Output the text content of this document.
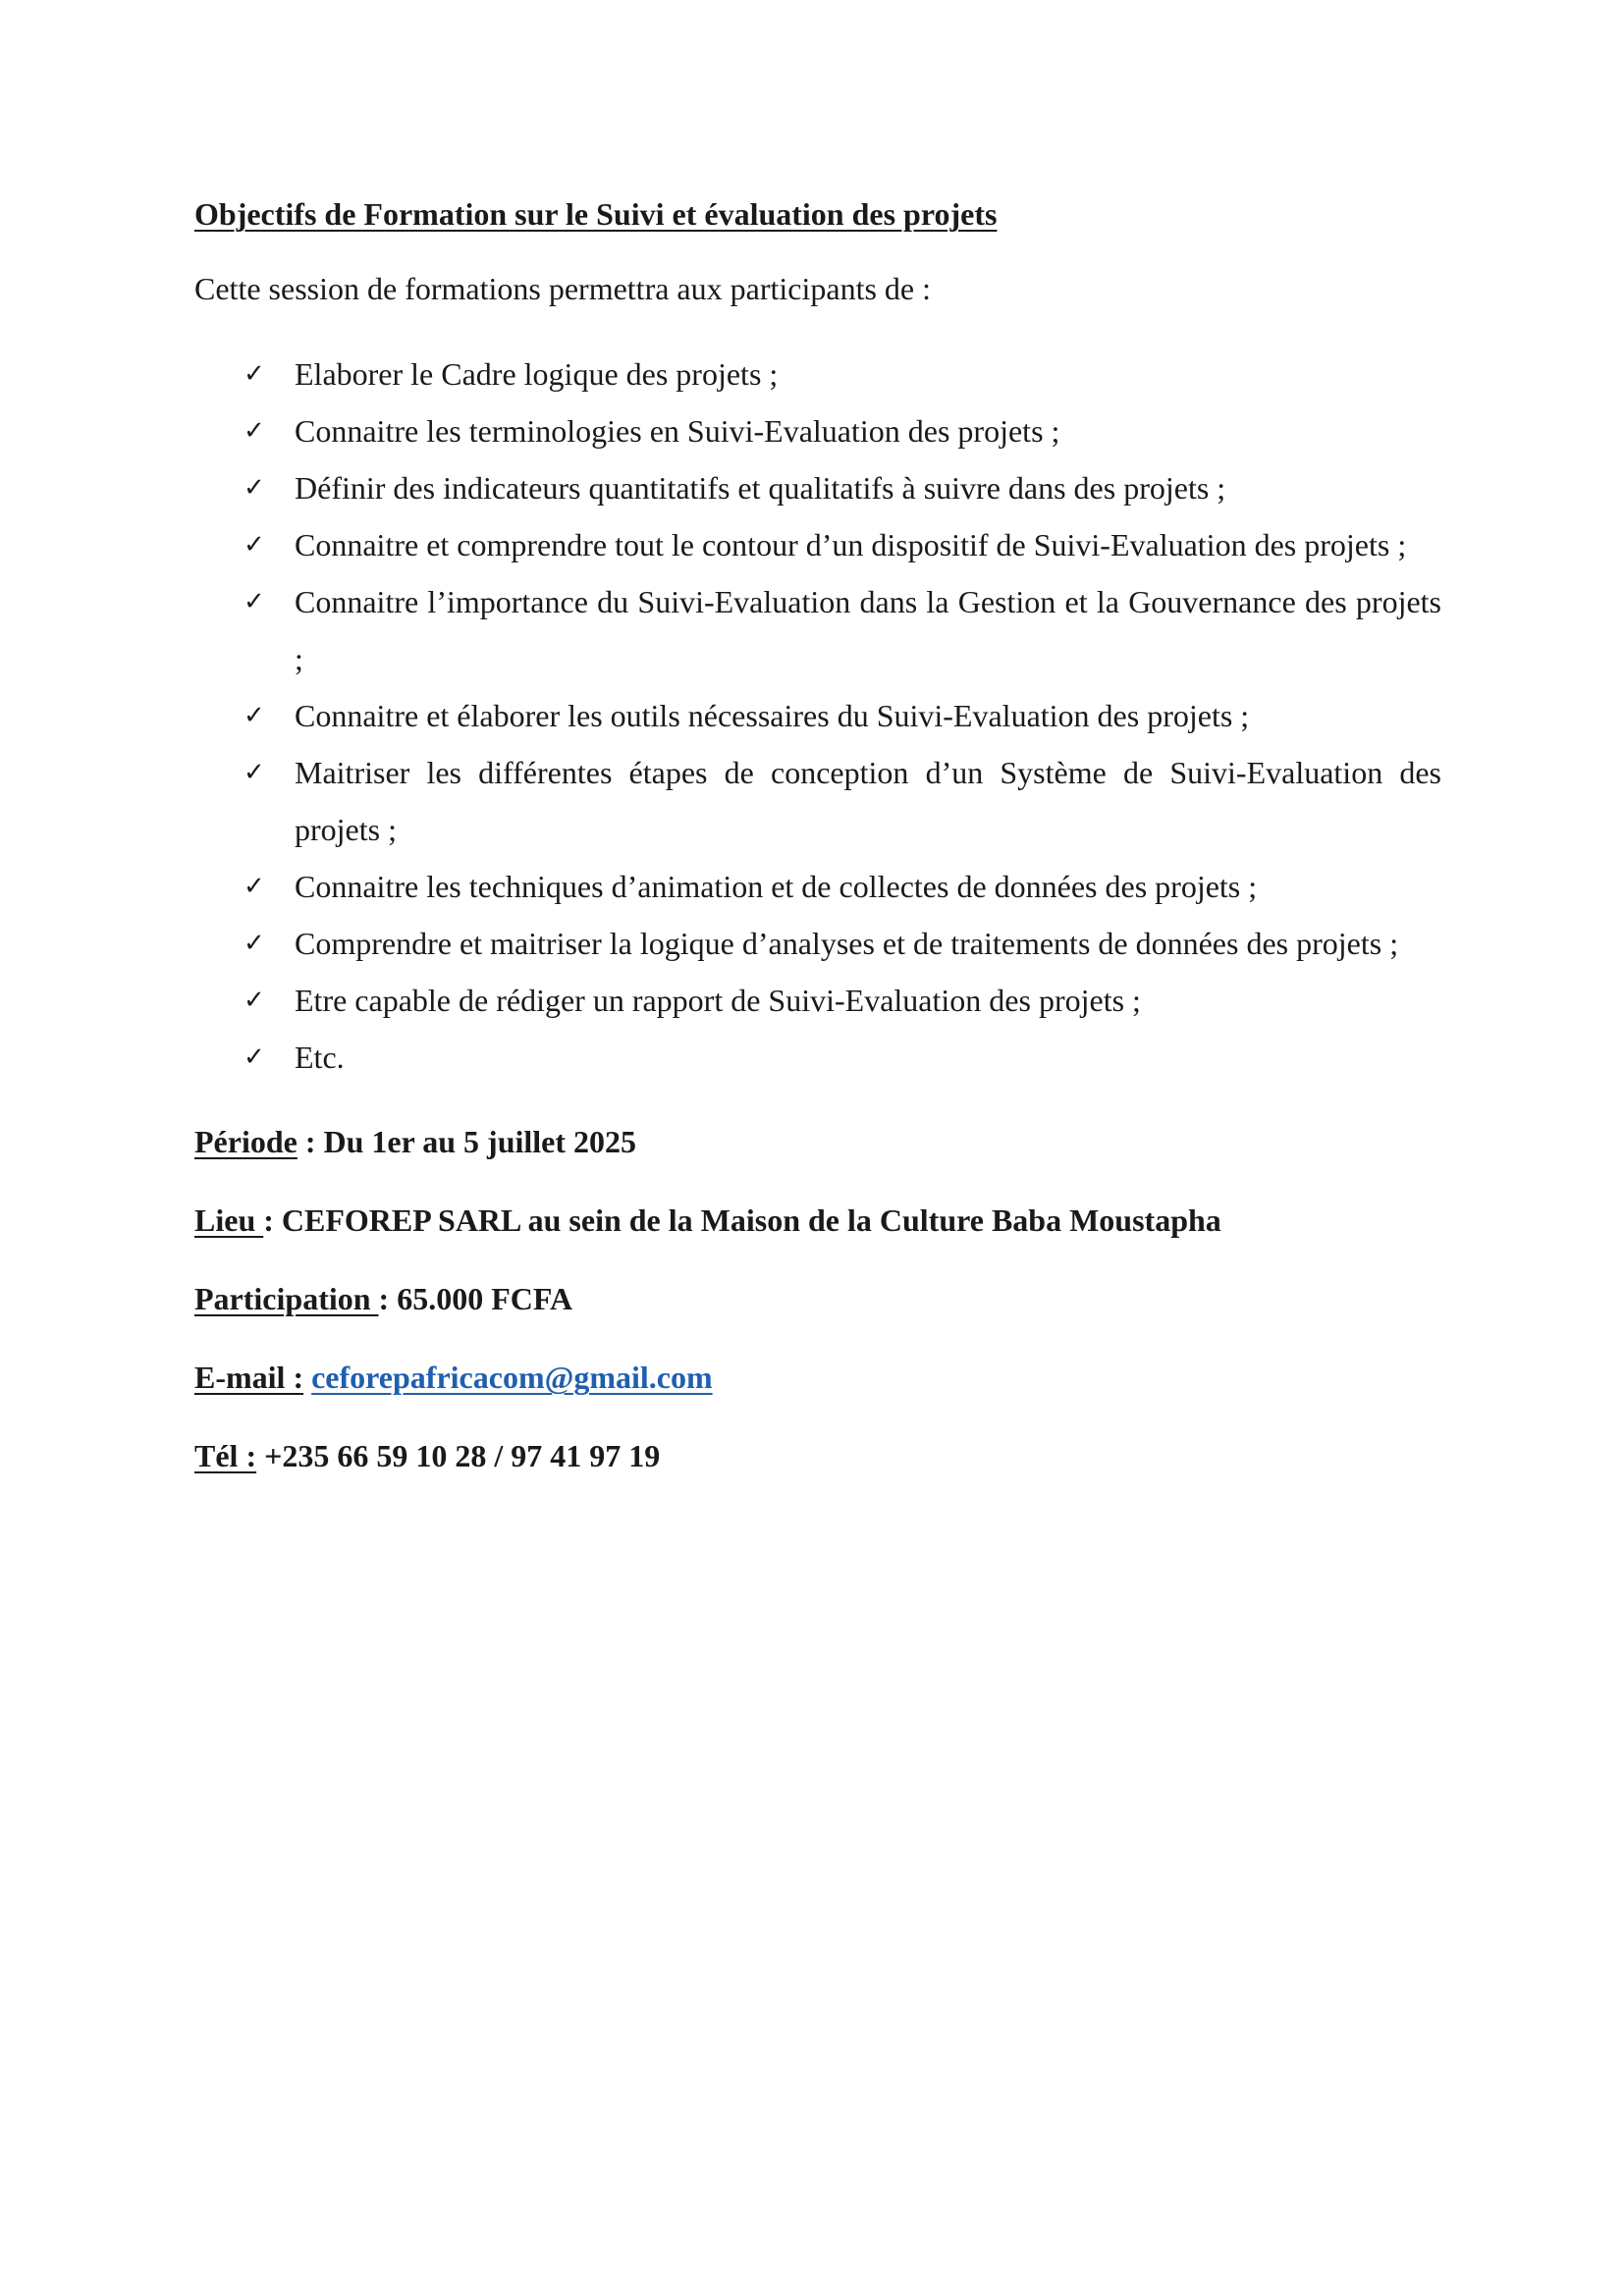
Objectifs de Formation sur le Suivi et évaluation des projets

Cette session de formations permettra aux participants de :

✓ Elaborer le Cadre logique des projets ;
✓ Connaitre les terminologies en Suivi-Evaluation des projets ;
✓ Définir des indicateurs quantitatifs et qualitatifs à suivre dans des projets ;
✓ Connaitre et comprendre tout le contour d’un dispositif de Suivi-Evaluation des projets ;
✓ Connaitre l’importance du Suivi-Evaluation dans la Gestion et la Gouvernance des projets ;
✓ Connaitre et élaborer les outils nécessaires du Suivi-Evaluation des projets ;
✓ Maitriser les différentes étapes de conception d’un Système de Suivi-Evaluation des projets ;
✓ Connaitre les techniques d’animation et de collectes de données des projets ;
✓ Comprendre et maitriser la logique d’analyses et de traitements de données des projets ;
✓ Etre capable de rédiger un rapport de Suivi-Evaluation des projets ;
✓ Etc.

Période : Du 1er au 5 juillet 2025

Lieu : CEFOREP SARL au sein de la Maison de la Culture Baba Moustapha

Participation : 65.000 FCFA

E-mail : ceforepafricacom@gmail.com

Tél : +235 66 59 10 28 / 97 41 97 19
